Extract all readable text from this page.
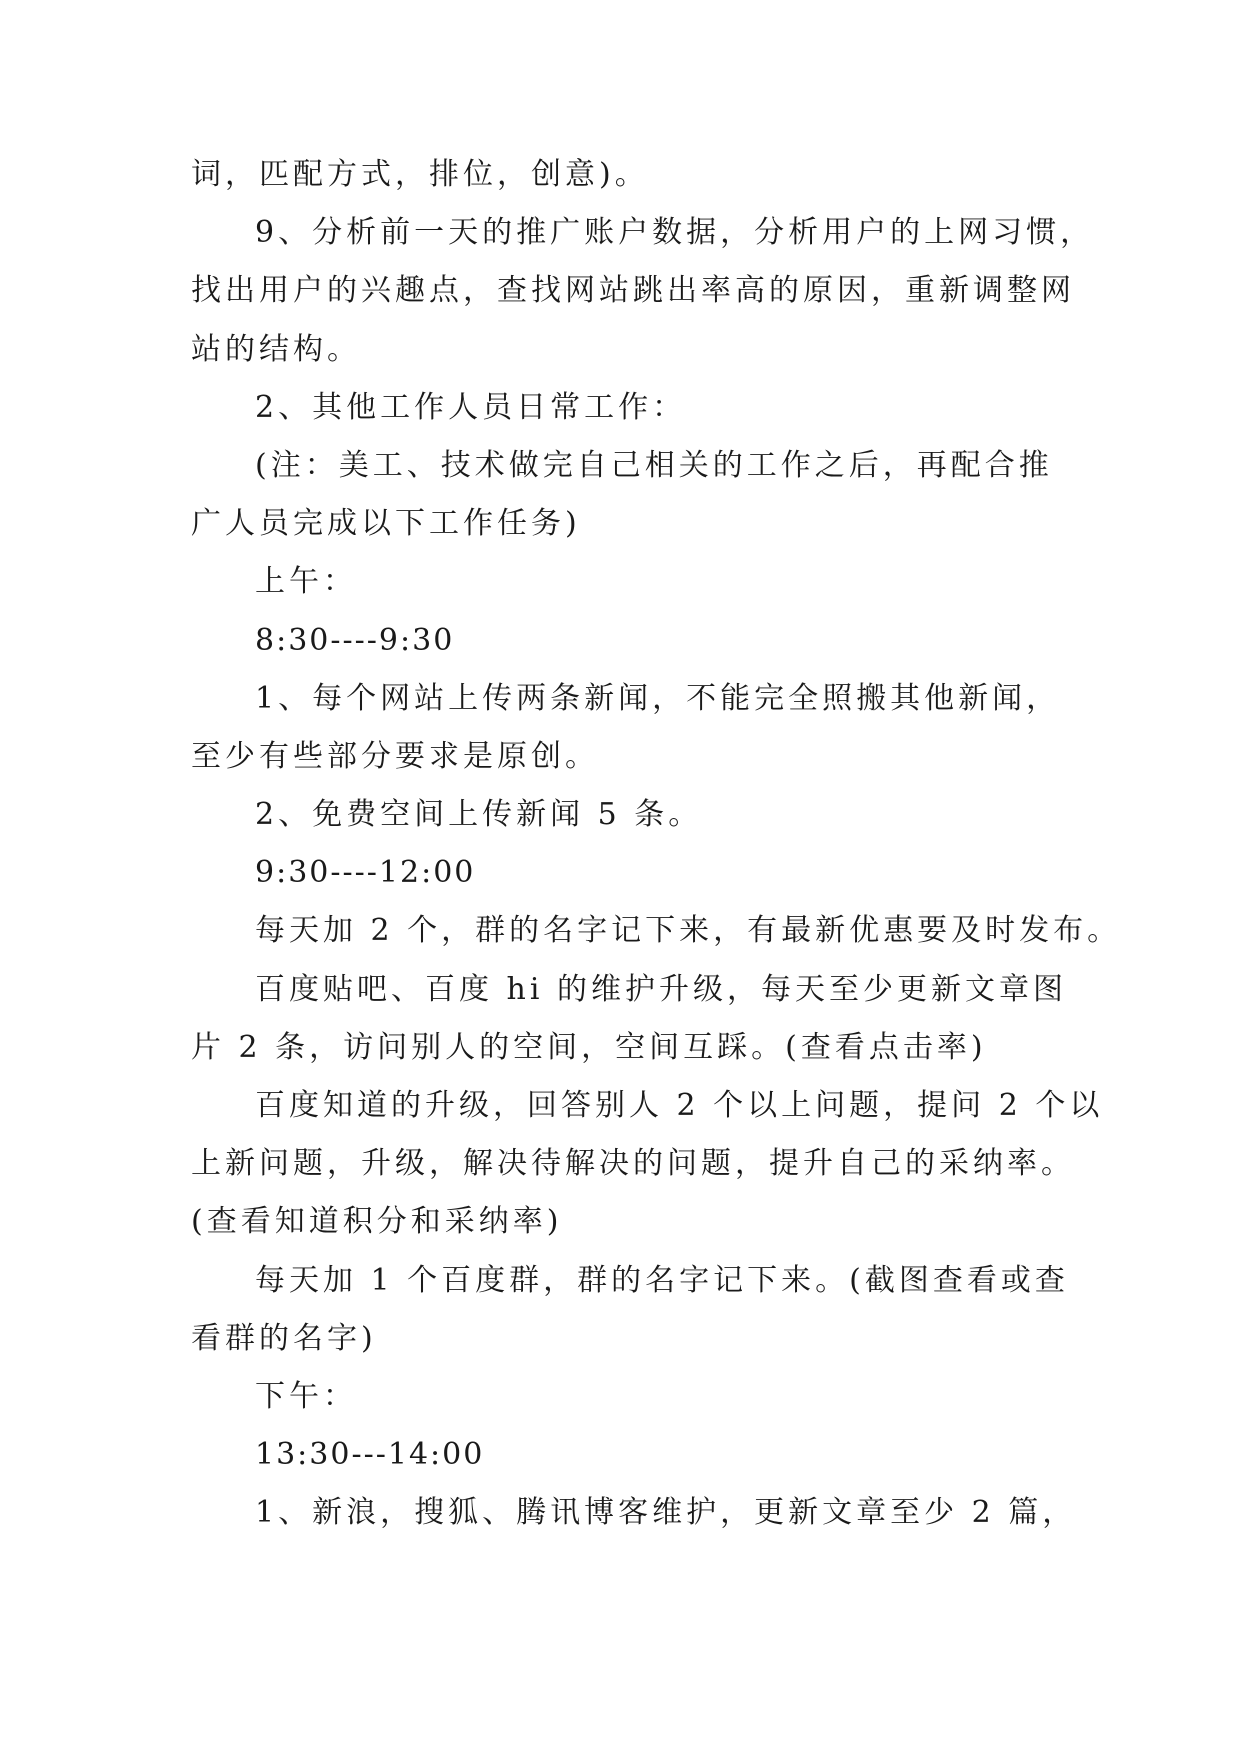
词，匹配方式，排位，创意)。
9、分析前一天的推广账户数据，分析用户的上网习惯，
找出用户的兴趣点，查找网站跳出率高的原因，重新调整网
站的结构。
2、其他工作人员日常工作：
(注：美工、技术做完自己相关的工作之后，再配合推
广人员完成以下工作任务)
上午：
8:30----9:30
1、每个网站上传两条新闻，不能完全照搬其他新闻，
至少有些部分要求是原创。
2、免费空间上传新闻 5 条。
9:30----12:00
每天加 2 个，群的名字记下来，有最新优惠要及时发布。
百度贴吧、百度 hi 的维护升级，每天至少更新文章图
片 2 条，访问别人的空间，空间互踩。(查看点击率)
百度知道的升级，回答别人 2 个以上问题，提问 2 个以
上新问题，升级，解决待解决的问题，提升自己的采纳率。
(查看知道积分和采纳率)
每天加 1 个百度群，群的名字记下来。(截图查看或查
看群的名字)
下午：
13:30---14:00
1、新浪，搜狐、腾讯博客维护，更新文章至少 2 篇，
